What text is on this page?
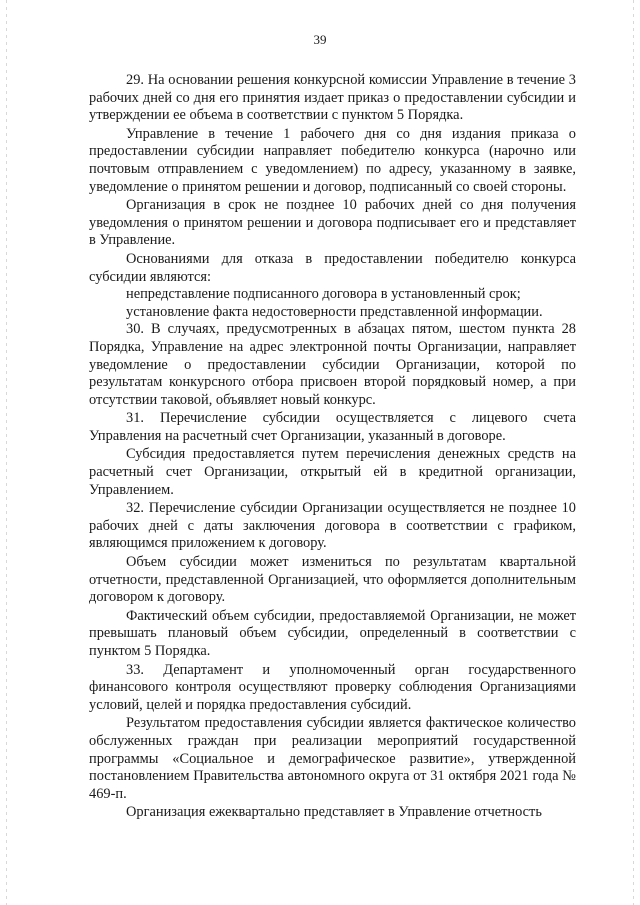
39

29. На основании решения конкурсной комиссии Управление в течение 3 рабочих дней со дня его принятия издает приказ о предоставлении субсидии и утверждении ее объема в соответствии с пунктом 5 Порядка.

Управление в течение 1 рабочего дня со дня издания приказа о предоставлении субсидии направляет победителю конкурса (нарочно или почтовым отправлением с уведомлением) по адресу, указанному в заявке, уведомление о принятом решении и договор, подписанный со своей стороны.

Организация в срок не позднее 10 рабочих дней со дня получения уведомления о принятом решении и договора подписывает его и представляет в Управление.

Основаниями для отказа в предоставлении победителю конкурса субсидии являются:

непредставление подписанного договора в установленный срок;

установление факта недостоверности представленной информации.

30. В случаях, предусмотренных в абзацах пятом, шестом пункта 28 Порядка, Управление на адрес электронной почты Организации, направляет уведомление о предоставлении субсидии Организации, которой по результатам конкурсного отбора присвоен второй порядковый номер, а при отсутствии таковой, объявляет новый конкурс.

31. Перечисление субсидии осуществляется с лицевого счета Управления на расчетный счет Организации, указанный в договоре.

Субсидия предоставляется путем перечисления денежных средств на расчетный счет Организации, открытый ей в кредитной организации, Управлением.

32. Перечисление субсидии Организации осуществляется не позднее 10 рабочих дней с даты заключения договора в соответствии с графиком, являющимся приложением к договору.

Объем субсидии может измениться по результатам квартальной отчетности, представленной Организацией, что оформляется дополнительным договором к договору.

Фактический объем субсидии, предоставляемой Организации, не может превышать плановый объем субсидии, определенный в соответствии с пунктом 5 Порядка.

33. Департамент и уполномоченный орган государственного финансового контроля осуществляют проверку соблюдения Организациями условий, целей и порядка предоставления субсидий.

Результатом предоставления субсидии является фактическое количество обслуженных граждан при реализации мероприятий государственной программы «Социальное и демографическое развитие», утвержденной постановлением Правительства автономного округа от 31 октября 2021 года № 469-п.

Организация ежеквартально представляет в Управление отчетность
